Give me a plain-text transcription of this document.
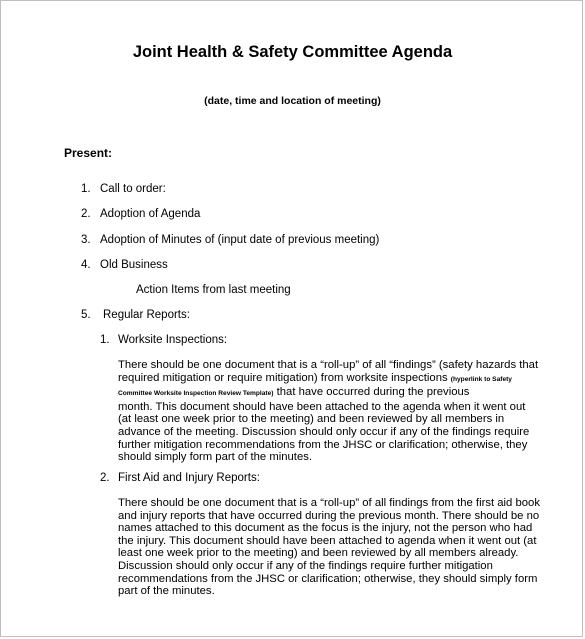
Joint Health & Safety Committee Agenda
(date, time and location of meeting)
Present:
1. Call to order:
2. Adoption of Agenda
3. Adoption of Minutes of (input date of previous meeting)
4. Old Business
Action Items from last meeting
5. Regular Reports:
1. Worksite Inspections:
There should be one document that is a “roll-up” of all “findings” (safety hazards that
required mitigation or require mitigation) from worksite inspections (hyperlink to Safety
Committee Worksite Inspection Review Template) that have occurred during the previous
month. This document should have been attached to the agenda when it went out
(at least one week prior to the meeting) and been reviewed by all members in
advance of the meeting. Discussion should only occur if any of the findings require
further mitigation recommendations from the JHSC or clarification; otherwise, they
should simply form part of the minutes.
2. First Aid and Injury Reports:
There should be one document that is a “roll-up” of all findings from the first aid book
and injury reports that have occurred during the previous month. There should be no
names attached to this document as the focus is the injury, not the person who had
the injury. This document should have been attached to agenda when it went out (at
least one week prior to the meeting) and been reviewed by all members already.
Discussion should only occur if any of the findings require further mitigation
recommendations from the JHSC or clarification; otherwise, they should simply form
part of the minutes.
